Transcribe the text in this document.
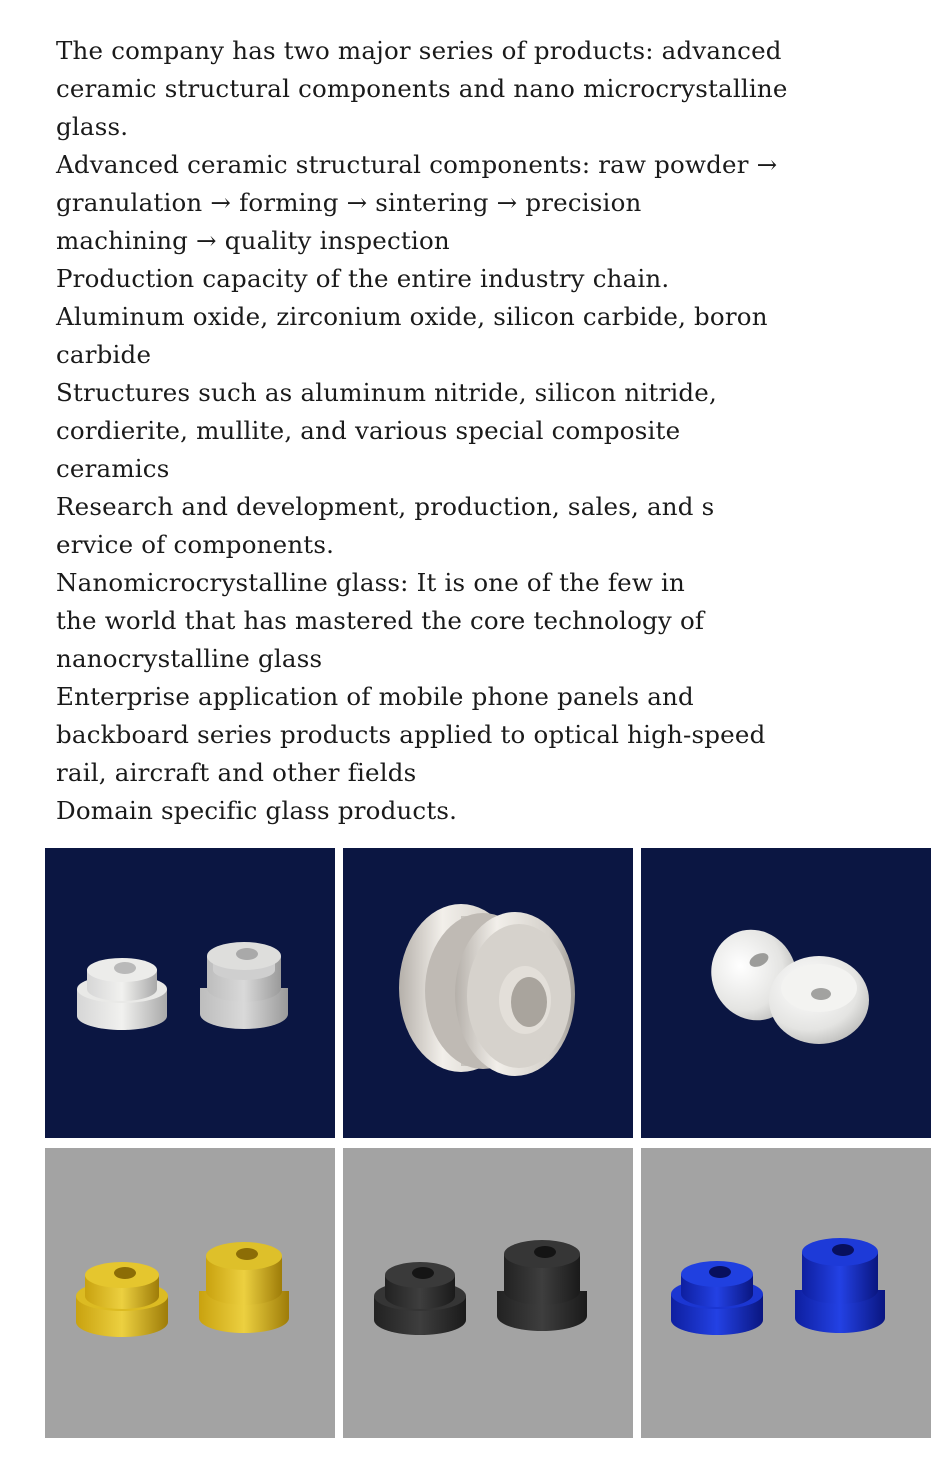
The company has two major series of products: advanced
ceramic structural components and nano microcrystalline
glass.
Advanced ceramic structural components: raw powder →
granulation → forming → sintering → precision
machining → quality inspection
Production capacity of the entire industry chain.
Aluminum oxide, zirconium oxide, silicon carbide, boron
carbide
Structures such as aluminum nitride, silicon nitride,
cordierite, mullite, and various special composite
ceramics
Research and development, production, sales, and s
ervice of components.
Nanomicrocrystalline glass: It is one of the few in
the world that has mastered the core technology of
nanocrystalline glass
Enterprise application of mobile phone panels and
backboard series products applied to optical high-speed
rail, aircraft and other fields
Domain specific glass products.
